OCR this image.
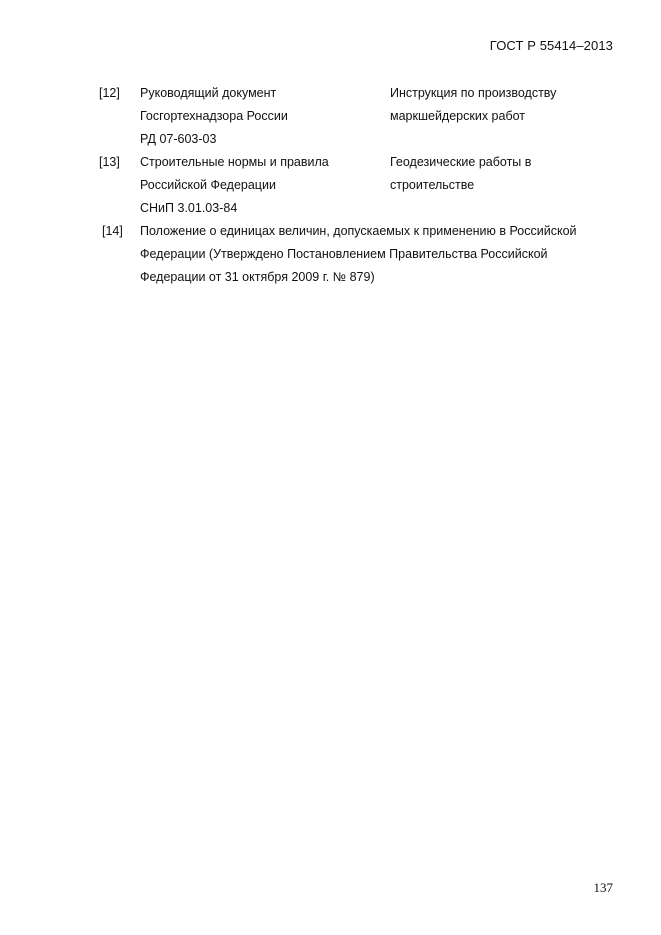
ГОСТ Р 55414–2013
[12] Руководящий документ
Госгортехнадзора России
РД 07-603-03
Инструкция по производству
маркшейдерских работ
[13] Строительные нормы и правила
Российской Федерации
СНиП 3.01.03-84
Геодезические работы в
строительстве
[14] Положение о единицах величин, допускаемых к применению в Российской
Федерации (Утверждено Постановлением Правительства Российской
Федерации от 31 октября 2009 г. № 879)
137
